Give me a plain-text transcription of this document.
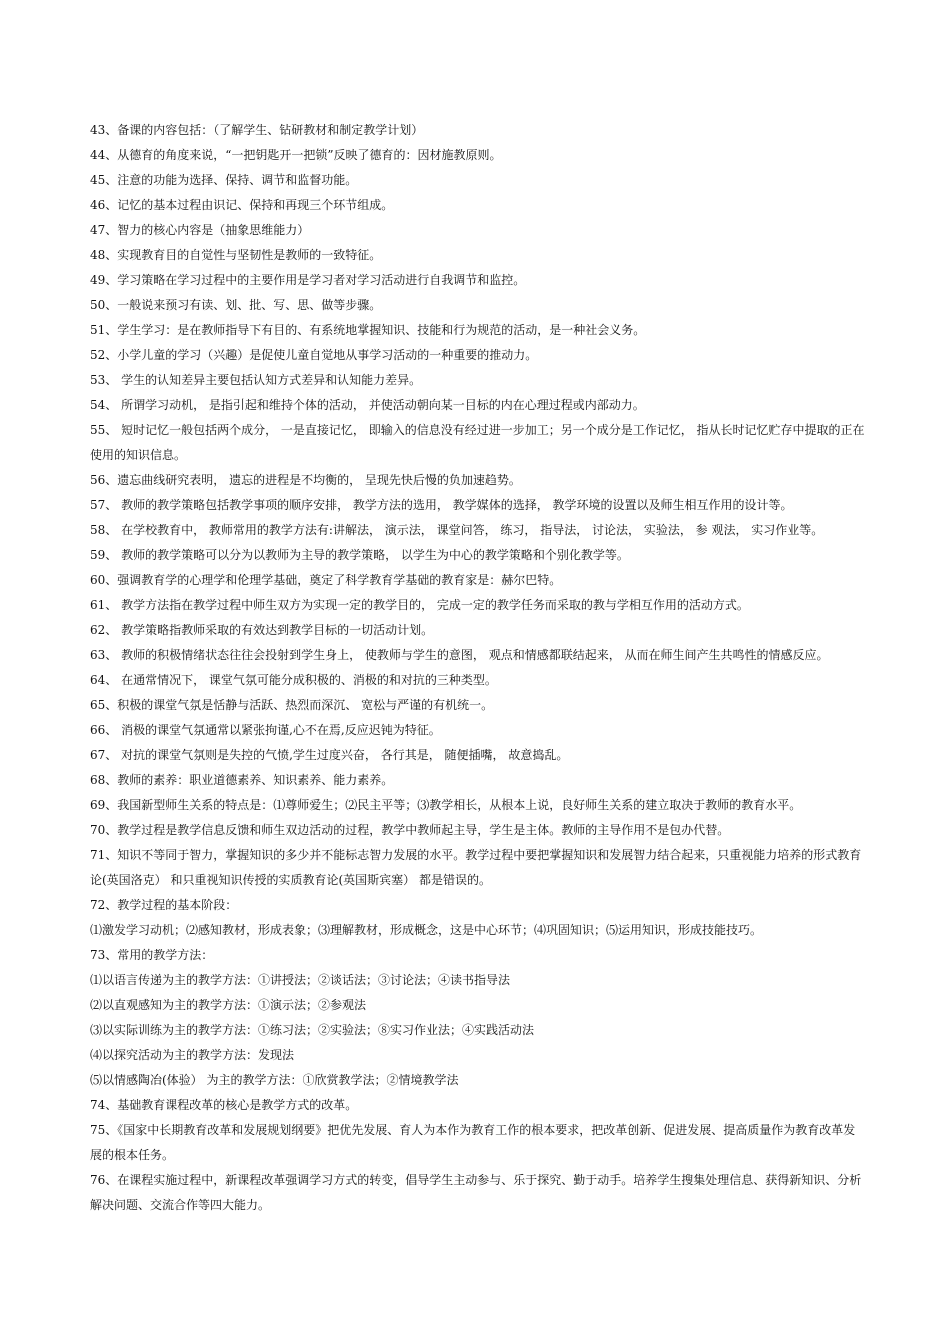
43、备课的内容包括：（了解学生、钻研教材和制定教学计划）
44、从德育的角度来说，“一把钥匙开一把锁”反映了德育的：因材施教原则。
45、注意的功能为选择、保持、调节和监督功能。
46、记忆的基本过程由识记、保持和再现三个环节组成。
47、智力的核心内容是（抽象思维能力）
48、实现教育目的自觉性与坚韧性是教师的一致特征。
49、学习策略在学习过程中的主要作用是学习者对学习活动进行自我调节和监控。
50、一般说来预习有读、划、批、写、思、做等步骤。
51、学生学习：是在教师指导下有目的、有系统地掌握知识、技能和行为规范的活动，是一种社会义务。
52、小学儿童的学习（兴趣）是促使儿童自觉地从事学习活动的一种重要的推动力。
53、 学生的认知差异主要包括认知方式差异和认知能力差异。
54、 所谓学习动机， 是指引起和维持个体的活动， 并使活动朝向某一目标的内在心理过程或内部动力。
55、 短时记忆一般包括两个成分， 一是直接记忆， 即输入的信息没有经过进一步加工；另一个成分是工作记忆， 指从长时记忆贮存中提取的正在使用的知识信息。
56、遗忘曲线研究表明， 遗忘的进程是不均衡的， 呈现先快后慢的负加速趋势。
57、 教师的教学策略包括教学事项的顺序安排， 教学方法的选用， 教学媒体的选择， 教学环境的设置以及师生相互作用的设计等。
58、 在学校教育中， 教师常用的教学方法有:讲解法， 演示法， 课堂问答， 练习， 指导法， 讨论法， 实验法， 参 观法， 实习作业等。
59、 教师的教学策略可以分为以教师为主导的教学策略， 以学生为中心的教学策略和个别化教学等。
60、强调教育学的心理学和伦理学基础，奠定了科学教育学基础的教育家是：赫尔巴特。
61、 教学方法指在教学过程中师生双方为实现一定的教学目的， 完成一定的教学任务而采取的教与学相互作用的活动方式。
62、 教学策略指教师采取的有效达到教学目标的一切活动计划。
63、 教师的积极情绪状态往往会投射到学生身上， 使教师与学生的意图， 观点和情感都联结起来， 从而在师生间产生共鸣性的情感反应。
64、 在通常情况下， 课堂气氛可能分成积极的、消极的和对抗的三种类型。
65、积极的课堂气氛是恬静与活跃、热烈而深沉、 宽松与严谨的有机统一。
66、 消极的课堂气氛通常以紧张拘谨,心不在焉,反应迟钝为特征。
67、 对抗的课堂气氛则是失控的气愤,学生过度兴奋， 各行其是， 随便插嘴， 故意捣乱。
68、教师的素养：职业道德素养、知识素养、能力素养。
69、我国新型师生关系的特点是：⑴尊师爱生；⑵民主平等；⑶教学相长，从根本上说，良好师生关系的建立取决于教师的教育水平。
70、教学过程是教学信息反馈和师生双边活动的过程，教学中教师起主导，学生是主体。教师的主导作用不是包办代替。
71、知识不等同于智力，掌握知识的多少并不能标志智力发展的水平。教学过程中要把掌握知识和发展智力结合起来，只重视能力培养的形式教育论(英国洛克） 和只重视知识传授的实质教育论(英国斯宾塞） 都是错误的。
72、教学过程的基本阶段：
⑴激发学习动机；⑵感知教材，形成表象；⑶理解教材，形成概念，这是中心环节；⑷巩固知识；⑸运用知识，形成技能技巧。
73、常用的教学方法：
⑴以语言传递为主的教学方法：①讲授法；②谈话法；③讨论法；④读书指导法
⑵以直观感知为主的教学方法：①演示法；②参观法
⑶以实际训练为主的教学方法：①练习法；②实验法；⑧实习作业法；④实践活动法
⑷以探究活动为主的教学方法：发现法
⑸以情感陶冶(体验） 为主的教学方法：①欣赏教学法；②情境教学法
74、基础教育课程改革的核心是教学方式的改革。
75、《国家中长期教育改革和发展规划纲要》把优先发展、育人为本作为教育工作的根本要求，把改革创新、促进发展、提高质量作为教育改革发展的根本任务。
76、在课程实施过程中，新课程改革强调学习方式的转变，倡导学生主动参与、乐于探究、勤于动手。培养学生搜集处理信息、获得新知识、分析解决问题、交流合作等四大能力。
